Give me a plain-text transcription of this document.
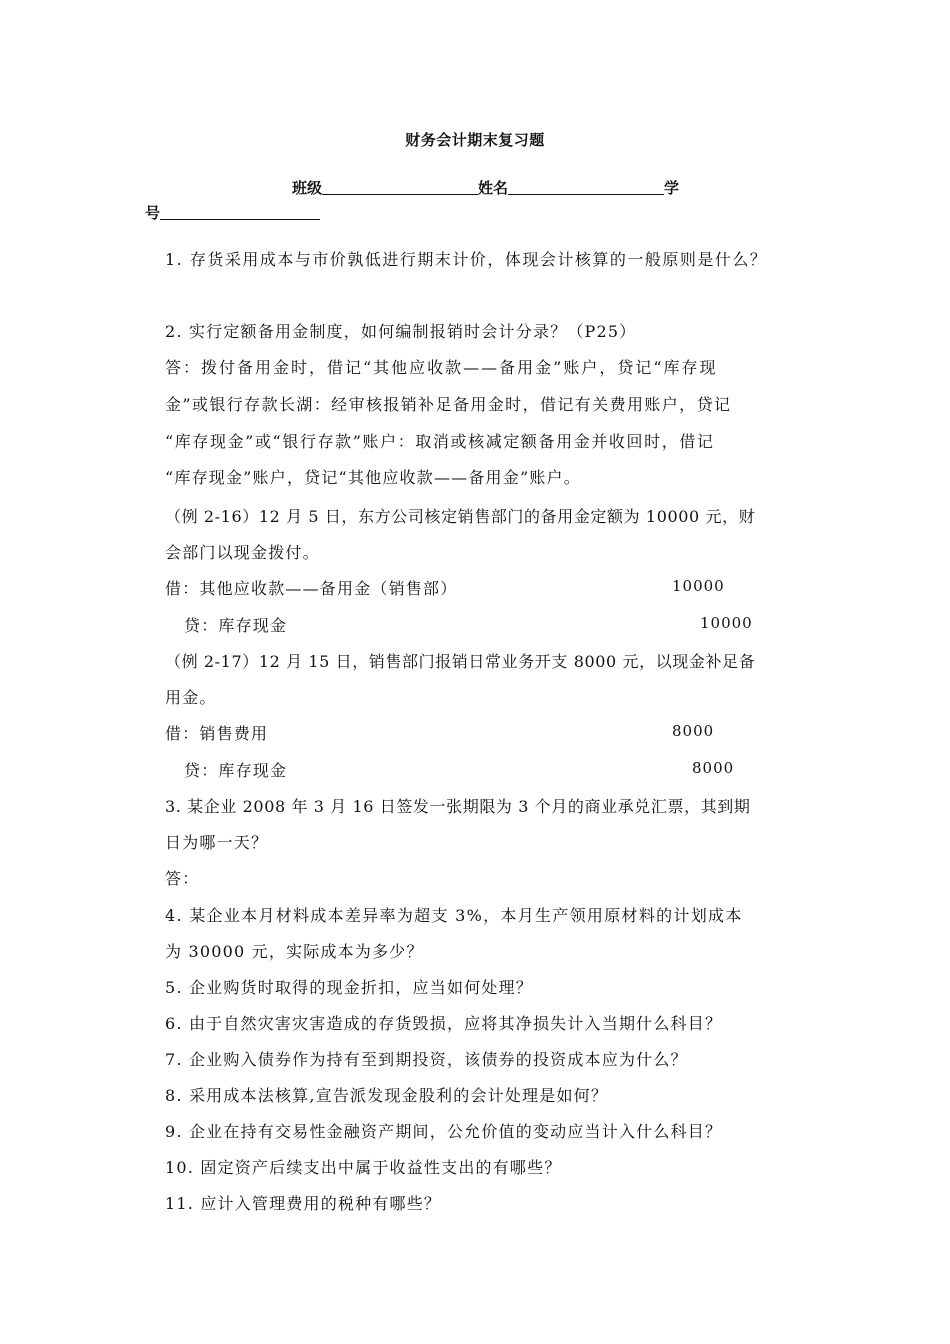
财务会计期末复习题
班级	姓名	学
号
1. 存货采用成本与市价孰低进行期末计价，体现会计核算的一般原则是什么？
2. 实行定额备用金制度，如何编制报销时会计分录？（P25）
答：拨付备用金时，借记“其他应收款——备用金”账户，贷记“库存现
金”或银行存款长湖：经审核报销补足备用金时，借记有关费用账户，贷记
“库存现金”或“银行存款”账户：取消或核减定额备用金并收回时，借记
“库存现金”账户，贷记“其他应收款——备用金”账户。
（例 2-16）12 月 5 日，东方公司核定销售部门的备用金定额为 10000 元，财
会部门以现金拨付。
借：其他应收款——备用金（销售部）	10000
贷：库存现金	10000
（例 2-17）12 月 15 日，销售部门报销日常业务开支 8000 元，以现金补足备
用金。
借：销售费用	8000
贷：库存现金	8000
3. 某企业 2008 年 3 月 16 日签发一张期限为 3 个月的商业承兑汇票，其到期
日为哪一天？
答：
4. 某企业本月材料成本差异率为超支 3%，本月生产领用原材料的计划成本
为 30000 元，实际成本为多少？
5. 企业购货时取得的现金折扣，应当如何处理？
6. 由于自然灾害灾害造成的存货毁损，应将其净损失计入当期什么科目？
7. 企业购入债券作为持有至到期投资，该债券的投资成本应为什么？
8. 采用成本法核算,宣告派发现金股利的会计处理是如何？
9. 企业在持有交易性金融资产期间，公允价值的变动应当计入什么科目？
10. 固定资产后续支出中属于收益性支出的有哪些？
11. 应计入管理费用的税种有哪些？
